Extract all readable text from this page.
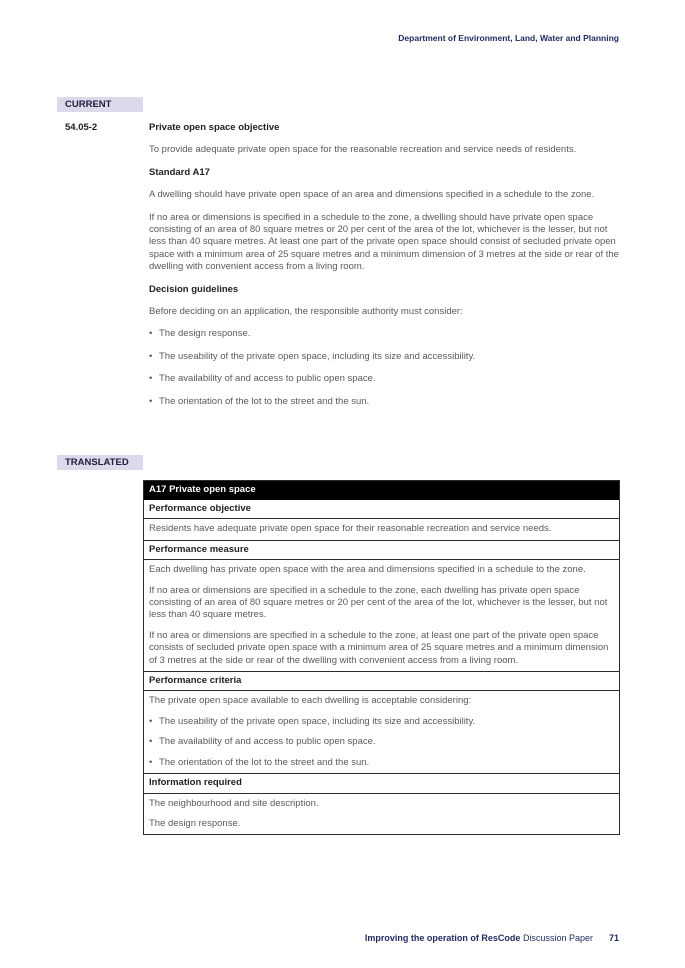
Department of Environment, Land, Water and Planning
CURRENT
54.05-2	Private open space objective

To provide adequate private open space for the reasonable recreation and service needs of residents.

Standard A17

A dwelling should have private open space of an area and dimensions specified in a schedule to the zone.

If no area or dimensions is specified in a schedule to the zone, a dwelling should have private open space consisting of an area of 80 square metres or 20 per cent of the area of the lot, whichever is the lesser, but not less than 40 square metres. At least one part of the private open space should consist of secluded private open space with a minimum area of 25 square metres and a minimum dimension of 3 metres at the side or rear of the dwelling with convenient access from a living room.

Decision guidelines

Before deciding on an application, the responsible authority must consider:

• The design response.
• The useability of the private open space, including its size and accessibility.
• The availability of and access to public open space.
• The orientation of the lot to the street and the sun.
TRANSLATED
A17 Private open space
Performance objective

Residents have adequate private open space for their reasonable recreation and service needs.

Performance measure

Each dwelling has private open space with the area and dimensions specified in a schedule to the zone.

If no area or dimensions are specified in a schedule to the zone, each dwelling has private open space consisting of an area of 80 square metres or 20 per cent of the area of the lot, whichever is the lesser, but not less than 40 square metres.

If no area or dimensions are specified in a schedule to the zone, at least one part of the private open space consists of secluded private open space with a minimum area of 25 square metres and a minimum dimension of 3 metres at the side or rear of the dwelling with convenient access from a living room.

Performance criteria

The private open space available to each dwelling is acceptable considering:

• The useability of the private open space, including its size and accessibility.
• The availability of and access to public open space.
• The orientation of the lot to the street and the sun.
Information required

The neighbourhood and site description.

The design response.

Improving the operation of ResCode Discussion Paper 71
